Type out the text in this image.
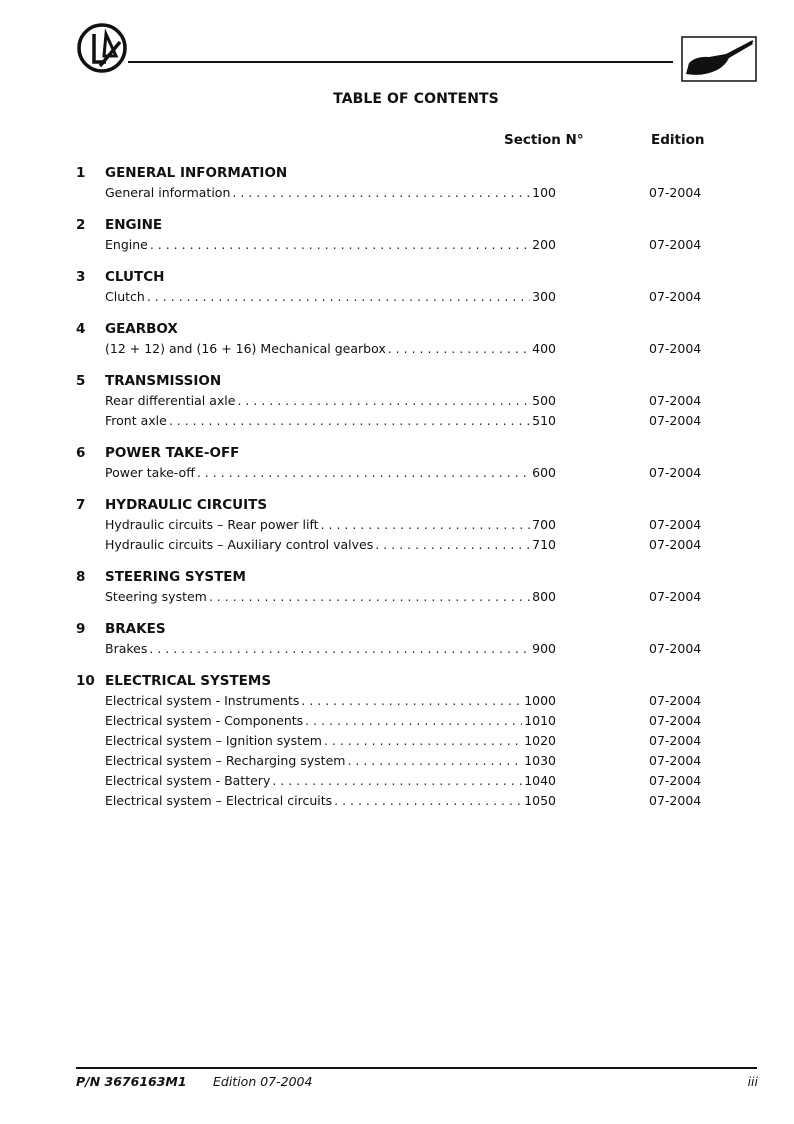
TABLE OF CONTENTS
Section N°	Edition
1 GENERAL INFORMATION
General information . . .	100	07-2004
2 ENGINE
Engine . . .	200	07-2004
3 CLUTCH
Clutch . . .	300	07-2004
4 GEARBOX
(12 + 12) and (16 + 16) Mechanical gearbox . . .	400	07-2004
5 TRANSMISSION
Rear differential axle . . .	500	07-2004
Front axle . . .	510	07-2004
6 POWER TAKE-OFF
Power take-off . . .	600	07-2004
7 HYDRAULIC CIRCUITS
Hydraulic circuits – Rear power lift . . .	700	07-2004
Hydraulic circuits – Auxiliary control valves . . .	710	07-2004
8 STEERING SYSTEM
Steering system . . .	800	07-2004
9 BRAKES
Brakes . . .	900	07-2004
10 ELECTRICAL SYSTEMS
Electrical system - Instruments . . .	1000	07-2004
Electrical system - Components . . .	1010	07-2004
Electrical system – Ignition system . . .	1020	07-2004
Electrical system – Recharging system . . .	1030	07-2004
Electrical system - Battery . . .	1040	07-2004
Electrical system – Electrical circuits . . .	1050	07-2004
P/N 3676163M1 Edition 07-2004	iii
